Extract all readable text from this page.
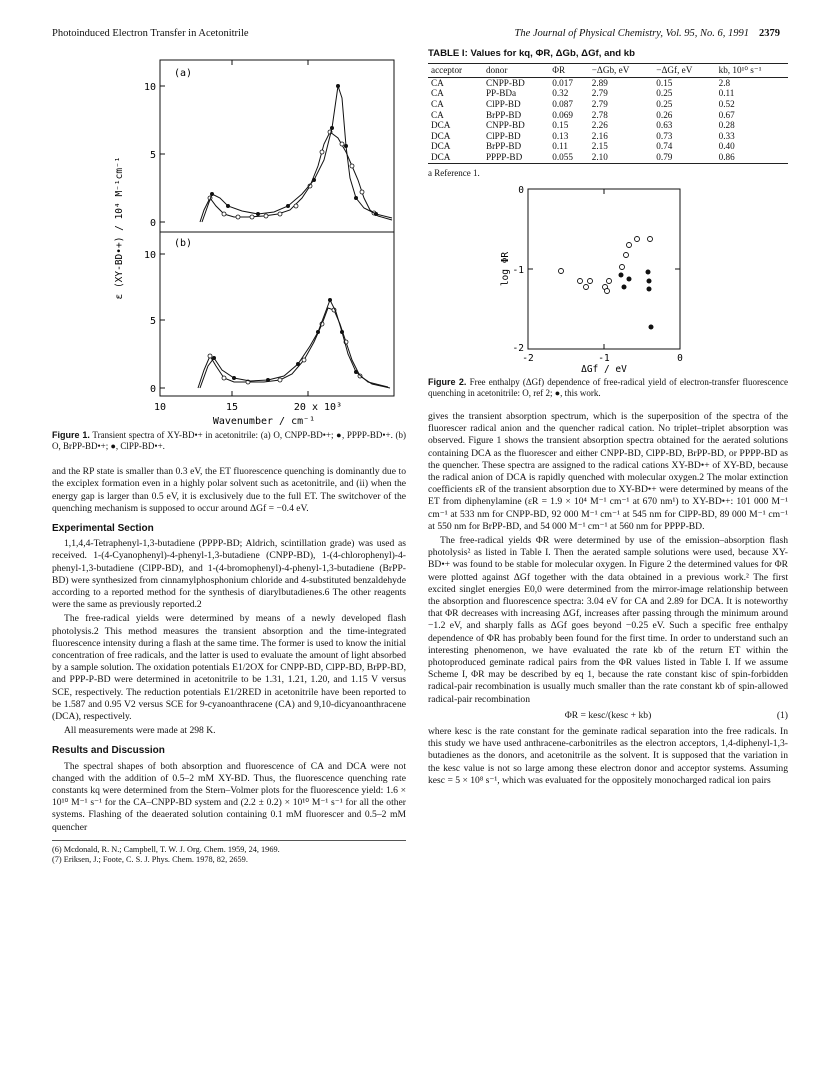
Photoinduced Electron Transfer in Acetonitrile	The Journal of Physical Chemistry, Vol. 95, No. 6, 1991 2379
10
5
0
10
5
0
(a)
(b)
ε (XY-BD•+) / 10⁴ M⁻¹cm⁻¹
10	15	20 x 10³
Wavenumber / cm⁻¹
Figure 1. Transient spectra of XY-BD•+ in acetonitrile: (a) O, CNPP-BD•+; ●, PPPP-BD•+. (b) O, BrPP-BD•+; ●, ClPP-BD•+.

and the RP state is smaller than 0.3 eV, the ET fluorescence quenching is dominantly due to the exciplex formation even in a highly polar solvent such as acetonitrile, and (ii) when the energy gap is larger than 0.5 eV, it is exclusively due to the full ET. The switchover of the quenching mechanism is supposed to occur around ΔGf = −0.4 eV.

Experimental Section

1,1,4,4-Tetraphenyl-1,3-butadiene (PPPP-BD; Aldrich, scintillation grade) was used as received. 1-(4-Cyanophenyl)-4-phenyl-1,3-butadiene (CNPP-BD), 1-(4-chlorophenyl)-4-phenyl-1,3-butadiene (ClPP-BD), and 1-(4-bromophenyl)-4-phenyl-1,3-butadiene (BrPP-BD) were synthesized from cinnamylphosphonium chloride and 4-substituted benzaldehyde according to a reported method for the synthesis of diarylbutadienes.6 The other reagents were the same as previously reported.2

The free-radical yields were determined by means of a newly developed flash photolysis.2 This method measures the transient absorption and the time-integrated fluorescence intensity during a flash at the same time. The former is used to know the initial concentration of free radicals, and the latter is used to evaluate the amount of light absorbed by a sample solution. The oxidation potentials E1/2OX for CNPP-BD, ClPP-BD, BrPP-BD, and PPP-P-BD were determined in acetonitrile to be 1.31, 1.21, 1.20, and 1.15 V versus SCE, respectively. The reduction potentials E1/2RED in acetonitrile have been reported to be 1.587 and 0.95 V2 versus SCE for 9-cyanoanthracene (CA) and 9,10-dicyanoanthracene (DCA), respectively.

All measurements were made at 298 K.

Results and Discussion

The spectral shapes of both absorption and fluorescence of CA and DCA were not changed with the addition of 0.5–2 mM XY-BD. Thus, the fluorescence quenching rate constants kq were determined from the Stern–Volmer plots for the fluorescence yield: 1.6 × 10¹⁰ M⁻¹ s⁻¹ for the CA–CNPP-BD system and (2.2 ± 0.2) × 10¹⁰ M⁻¹ s⁻¹ for all the other systems. Flashing of the deaerated solution containing 0.1 mM fluorescer and 0.5–2 mM quencher

(6) Mcdonald, R. N.; Campbell, T. W. J. Org. Chem. 1959, 24, 1969.
(7) Eriksen, J.; Foote, C. S. J. Phys. Chem. 1978, 82, 2659.
TABLE I: Values for kq, ΦR, ΔGb, ΔGf, and kb
acceptor	donor	ΦR	−ΔGb, eV	−ΔGf, eV	kb, 10¹⁰ s⁻¹
CA	CNPP-BD	0.017	2.89	0.15	2.8
CA	PP-BDa	0.32	2.79	0.25	0.11
CA	ClPP-BD	0.087	2.79	0.25	0.52
CA	BrPP-BD	0.069	2.78	0.26	0.67
DCA	CNPP-BD	0.15	2.26	0.63	0.28
DCA	ClPP-BD	0.13	2.16	0.73	0.33
DCA	BrPP-BD	0.11	2.15	0.74	0.40
DCA	PPPP-BD	0.055	2.10	0.79	0.86
a Reference 1.
0
-1
-2
-2	-1	0
ΔGf / eV
log ΦR
Figure 2. Free enthalpy (ΔGf) dependence of free-radical yield of electron-transfer fluorescence quenching in acetonitrile: O, ref 2; ●, this work.

gives the transient absorption spectrum, which is the superposition of the spectra of the fluorescer radical anion and the quencher radical cation. No triplet–triplet absorption was observed. Figure 1 shows the transient absorption spectra obtained for the aerated solutions containing DCA as the fluorescer and either CNPP-BD, ClPP-BD, BrPP-BD, or PPPP-BD as the quencher. These spectra are assigned to the radical cations XY-BD•+ of XY-BD, because the radical anion of DCA is rapidly quenched with molecular oxygen.2 The molar extinction coefficients εR of the transient absorption due to XY-BD•+ were determined by means of the ET from diphenylamine (εR = 1.9 × 10⁴ M⁻¹ cm⁻¹ at 670 nm¹) to XY-BD•+: 101 000 M⁻¹ cm⁻¹ at 533 nm for CNPP-BD, 92 000 M⁻¹ cm⁻¹ at 545 nm for ClPP-BD, 89 000 M⁻¹ cm⁻¹ at 550 nm for BrPP-BD, and 54 000 M⁻¹ cm⁻¹ at 560 nm for PPPP-BD.

The free-radical yields ΦR were determined by use of the emission–absorption flash photolysis² as listed in Table I. Then the aerated sample solutions were used, because XY-BD•+ was found to be stable for molecular oxygen. In Figure 2 the determined values for ΦR were plotted against ΔGf together with the data obtained in a previous work.² The first excited singlet energies E0,0 were determined from the mirror-image relationship between the absorption and fluorescence spectra: 3.04 eV for CA and 2.89 for DCA. It is noteworthy that ΦR decreases with increasing ΔGf, increases after passing through the minimum around −1.2 eV, and sharply falls as ΔGf goes beyond −0.25 eV. Such a specific free enthalpy dependence of ΦR has probably been found for the first time. In order to understand such an interesting phenomenon, we have evaluated the rate kb of the return ET within the photoproduced geminate radical pairs from the ΦR values listed in Table I. If we assume Scheme I, ΦR may be described by eq 1, because the rate constant kisc of spin-forbidden radical-pair recombination is usually much smaller than the rate constant kb of spin-allowed radical-pair recombination

ΦR = kesc/(kesc + kb)	(1)

where kesc is the rate constant for the geminate radical separation into the free radicals. In this study we have used anthracene-carbonitriles as the electron acceptors, 1,4-diphenyl-1,3-butadienes as the donors, and acetonitrile as the solvent. It is supposed that the variation in the kesc value is not so large among these electron donor and acceptor systems. Assuming kesc = 5 × 10⁸ s⁻¹, which was evaluated for the oppositely monocharged radical ion pairs
